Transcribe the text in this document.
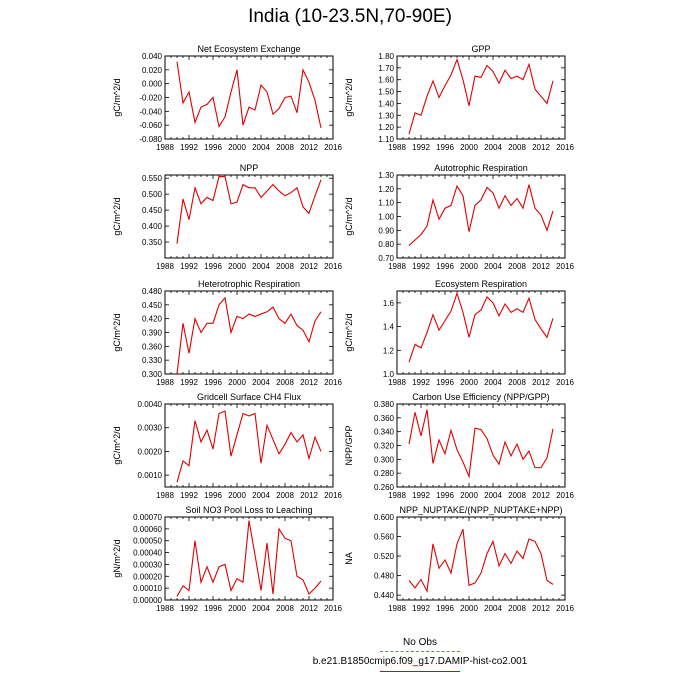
India (10-23.5N,70-90E)
Net Ecosystem Exchange
gC/m^2/d
1988 1992 1996 2000 2004 2008 2012 2016
-0.080
-0.060
-0.040
-0.020
0.000
0.020
0.040
GPP
gC/m^2/d
1988 1992 1996 2000 2004 2008 2012 2016
1.10
1.20
1.30
1.40
1.50
1.60
1.70
1.80
NPP
gC/m^2/d
1988 1992 1996 2000 2004 2008 2012 2016
0.350
0.400
0.450
0.500
0.550
Autotrophic Respiration
gC/m^2/d
1988 1992 1996 2000 2004 2008 2012 2016
0.70
0.80
0.90
1.00
1.10
1.20
1.30
Heterotrophic Respiration
gC/m^2/d
1988 1992 1996 2000 2004 2008 2012 2016
0.300
0.330
0.360
0.390
0.420
0.450
0.480
Ecosystem Respiration
gC/m^2/d
1988 1992 1996 2000 2004 2008 2012 2016
1.0
1.2
1.4
1.6
Gridcell Surface CH4 Flux
gC/m^2/d
1988 1992 1996 2000 2004 2008 2012 2016
0.0010
0.0020
0.0030
0.0040
Carbon Use Efficiency (NPP/GPP)
NPP/GPP
1988 1992 1996 2000 2004 2008 2012 2016
0.260
0.280
0.300
0.320
0.340
0.360
0.380
Soil NO3 Pool Loss to Leaching
gN/m^2/d
1988 1992 1996 2000 2004 2008 2012 2016
0.00000
0.00010
0.00020
0.00030
0.00040
0.00050
0.00060
0.00070
NPP_NUPTAKE/(NPP_NUPTAKE+NPP)
NA
1988 1992 1996 2000 2004 2008 2012 2016
0.440
0.480
0.520
0.560
0.600
No Obs
b.e21.B1850cmip6.f09_g17.DAMIP-hist-co2.001
